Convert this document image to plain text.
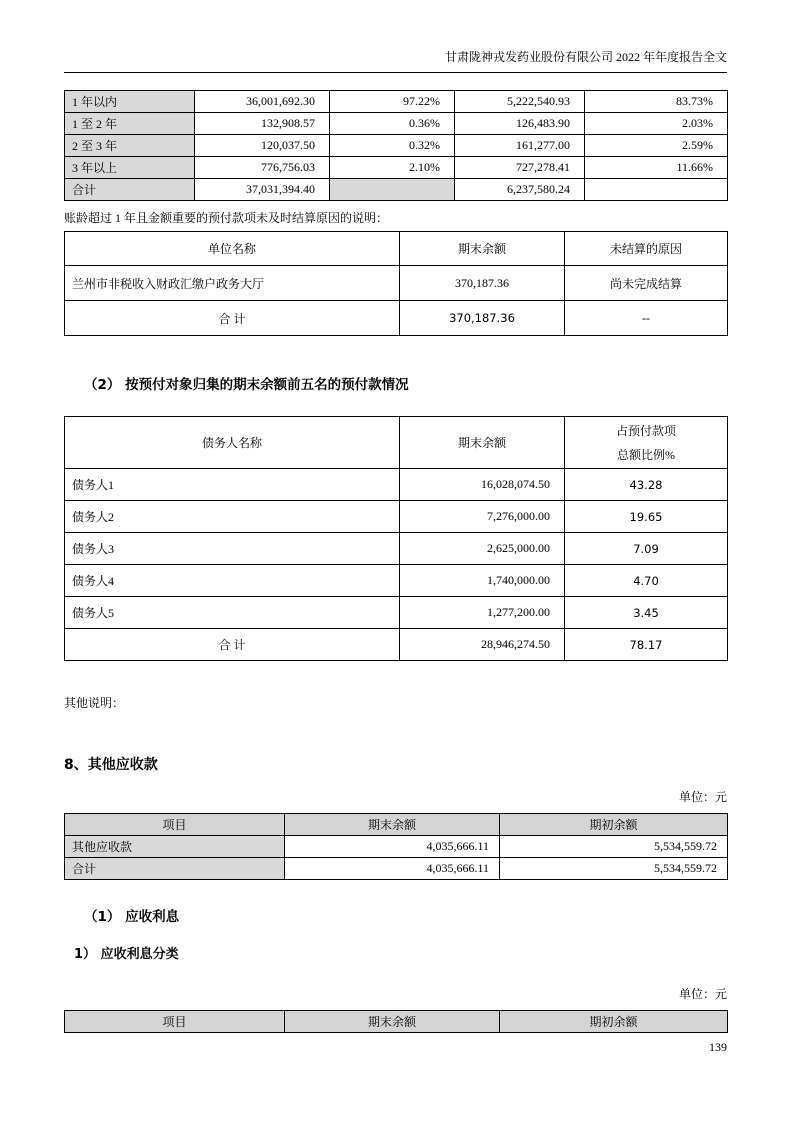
甘肃陇神戎发药业股份有限公司 2022 年年度报告全文
1 年以内	36,001,692.30	97.22%	5,222,540.93	83.73%
1 至 2 年	132,908.57	0.36%	126,483.90	2.03%
2 至 3 年	120,037.50	0.32%	161,277.00	2.59%
3 年以上	776,756.03	2.10%	727,278.41	11.66%
合计	37,031,394.40		6,237,580.24	
账龄超过 1 年且金额重要的预付款项未及时结算原因的说明：
单位名称	期末余额	未结算的原因
兰州市非税收入财政汇缴户政务大厅	370,187.36	尚未完成结算
合 计	370,187.36	--
（2） 按预付对象归集的期末余额前五名的预付款情况
债务人名称	期末余额	占预付款项
总额比例%

债务人1	16,028,074.50	43.28
债务人2	7,276,000.00	19.65
债务人3	2,625,000.00	7.09
债务人4	1,740,000.00	4.70
债务人5	1,277,200.00	3.45
合 计	28,946,274.50	78.17
其他说明：
8、其他应收款
单位：元
项目	期末余额	期初余额
其他应收款	4,035,666.11	5,534,559.72
合计	4,035,666.11	5,534,559.72
（1） 应收利息
1） 应收利息分类
单位：元
项目	期末余额	期初余额
139
